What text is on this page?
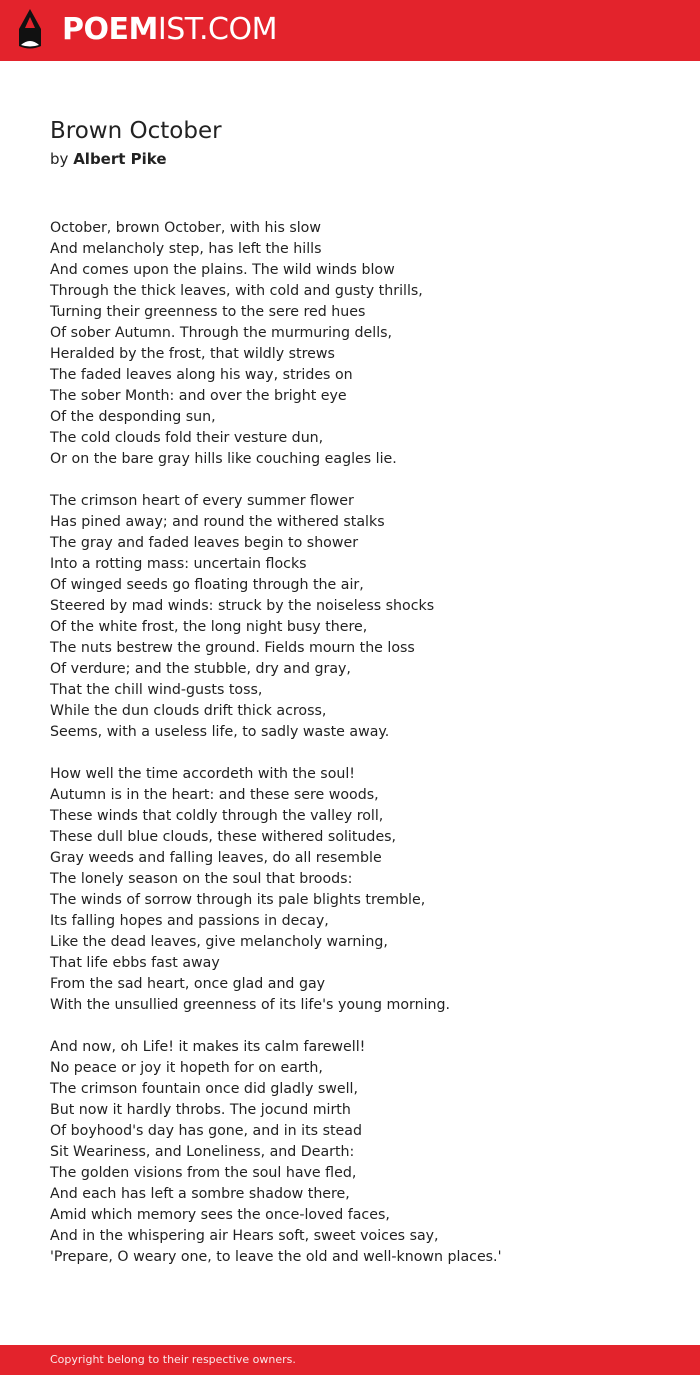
POEMIST.COM
Brown October
by Albert Pike
October, brown October, with his slow
And melancholy step, has left the hills
And comes upon the plains. The wild winds blow
Through the thick leaves, with cold and gusty thrills,
Turning their greenness to the sere red hues
Of sober Autumn. Through the murmuring dells,
Heralded by the frost, that wildly strews
The faded leaves along his way, strides on
The sober Month: and over the bright eye
Of the desponding sun,
The cold clouds fold their vesture dun,
Or on the bare gray hills like couching eagles lie.
The crimson heart of every summer flower
Has pined away; and round the withered stalks
The gray and faded leaves begin to shower
Into a rotting mass: uncertain flocks
Of winged seeds go floating through the air,
Steered by mad winds: struck by the noiseless shocks
Of the white frost, the long night busy there,
The nuts bestrew the ground. Fields mourn the loss
Of verdure; and the stubble, dry and gray,
That the chill wind-gusts toss,
While the dun clouds drift thick across,
Seems, with a useless life, to sadly waste away.
How well the time accordeth with the soul!
Autumn is in the heart: and these sere woods,
These winds that coldly through the valley roll,
These dull blue clouds, these withered solitudes,
Gray weeds and falling leaves, do all resemble
The lonely season on the soul that broods:
The winds of sorrow through its pale blights tremble,
Its falling hopes and passions in decay,
Like the dead leaves, give melancholy warning,
That life ebbs fast away
From the sad heart, once glad and gay
With the unsullied greenness of its life's young morning.
And now, oh Life! it makes its calm farewell!
No peace or joy it hopeth for on earth,
The crimson fountain once did gladly swell,
But now it hardly throbs. The jocund mirth
Of boyhood's day has gone, and in its stead
Sit Weariness, and Loneliness, and Dearth:
The golden visions from the soul have fled,
And each has left a sombre shadow there,
Amid which memory sees the once-loved faces,
And in the whispering air Hears soft, sweet voices say,
'Prepare, O weary one, to leave the old and well-known places.'
Copyright belong to their respective owners.
